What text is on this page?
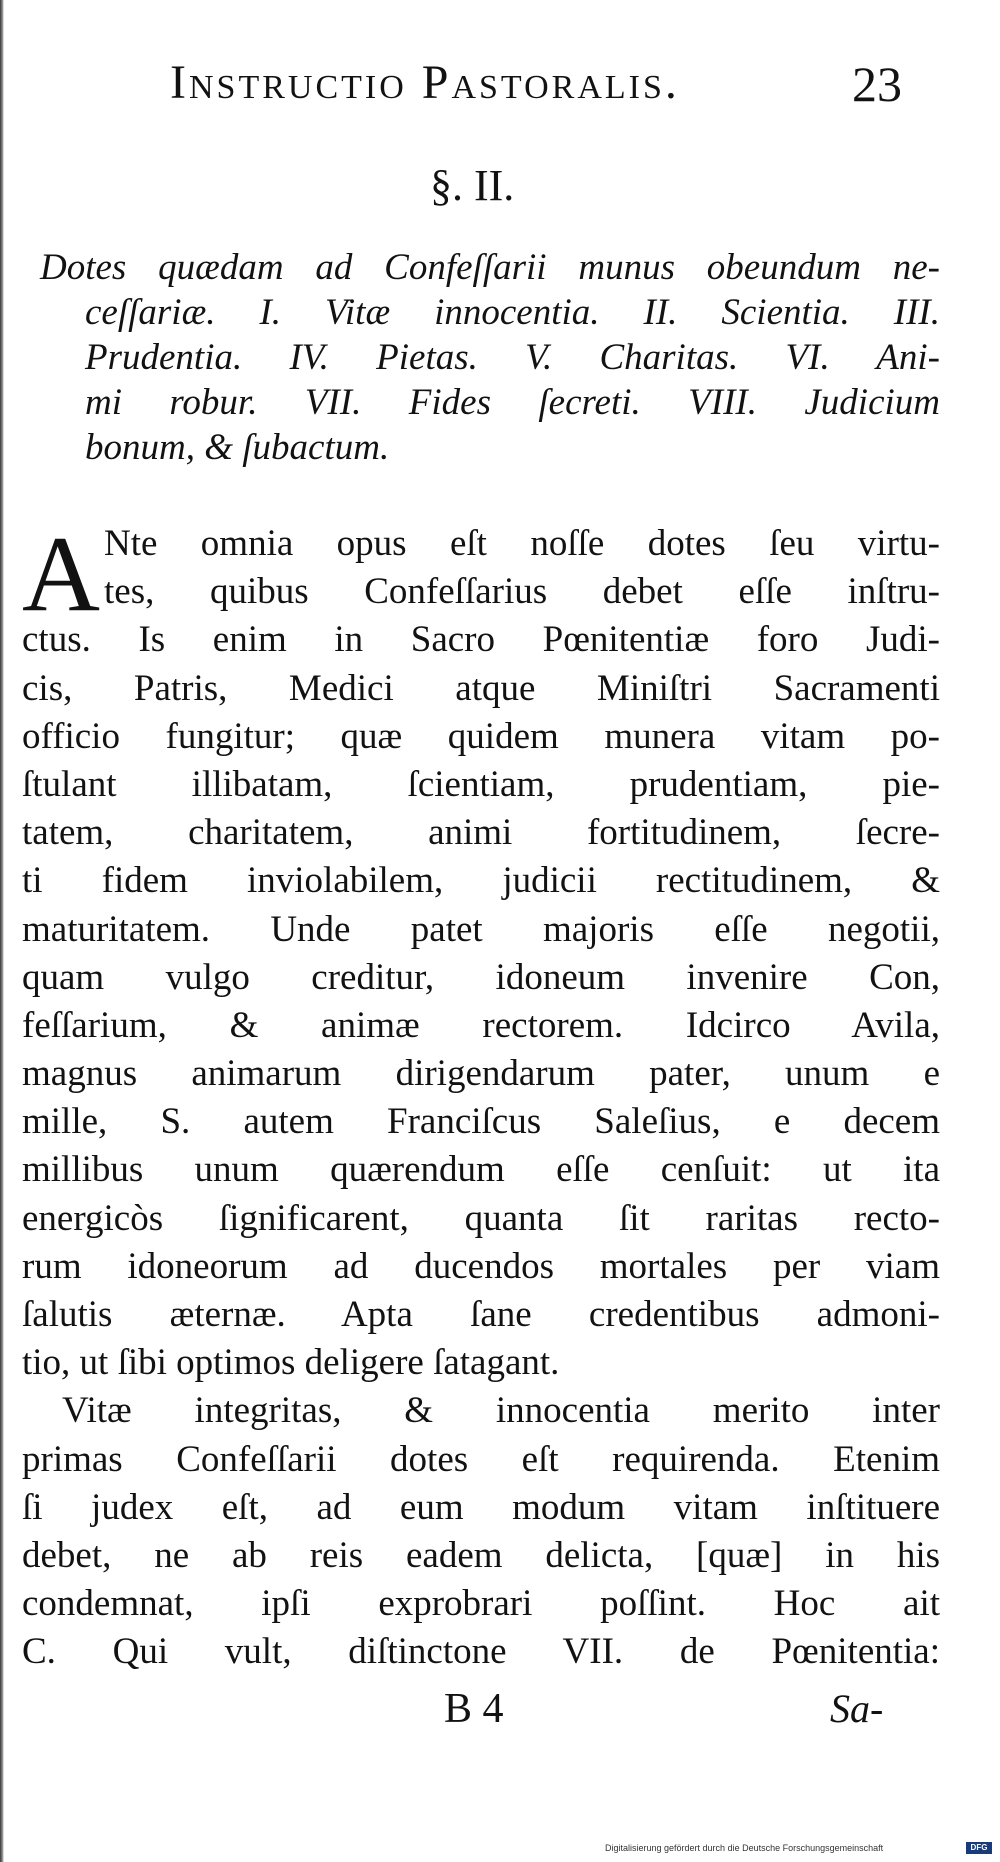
Instructio Pastoralis.	23
§. II.
Dotes quædam ad Confeſſarii munus obeundum ne-
ceſſariæ. I. Vitæ innocentia. II. Scientia. III.
Prudentia. IV. Pietas. V. Charitas. VI. Ani-
mi robur. VII. Fides ſecreti. VIII. Judicium
bonum, & ſubactum.
A Nte omnia opus eſt noſſe dotes ſeu virtu-
tes, quibus Confeſſarius debet eſſe inſtru-
ctus. Is enim in Sacro Pœnitentiæ foro Judi-
cis, Patris, Medici atque Miniſtri Sacramenti
officio fungitur; quæ quidem munera vitam po-
ſtulant illibatam, ſcientiam, prudentiam, pie-
tatem, charitatem, animi fortitudinem, ſecre-
ti fidem inviolabilem, judicii rectitudinem, &
maturitatem. Unde patet majoris eſſe negotii,
quam vulgo creditur, idoneum invenire Con,
feſſarium, & animæ rectorem. Idcirco Avila,
magnus animarum dirigendarum pater, unum e
mille, S. autem Franciſcus Saleſius, e decem
millibus unum quærendum eſſe cenſuit: ut ita
energicòs ſignificarent, quanta ſit raritas recto-
rum idoneorum ad ducendos mortales per viam
ſalutis æternæ. Apta ſane credentibus admoni-
tio, ut ſibi optimos deligere ſatagant.
Vitæ integritas, & innocentia merito inter
primas Confeſſarii dotes eſt requirenda. Etenim
ſi judex eſt, ad eum modum vitam inſtituere
debet, ne ab reis eadem delicta, [quæ] in his
condemnat, ipſi exprobrari poſſint. Hoc ait
C. Qui vult, diſtinctone VII. de Pœnitentia:
B 4	Sa-
Digitalisierung gefördert durch die Deutsche Forschungsgemeinschaft	DFG
